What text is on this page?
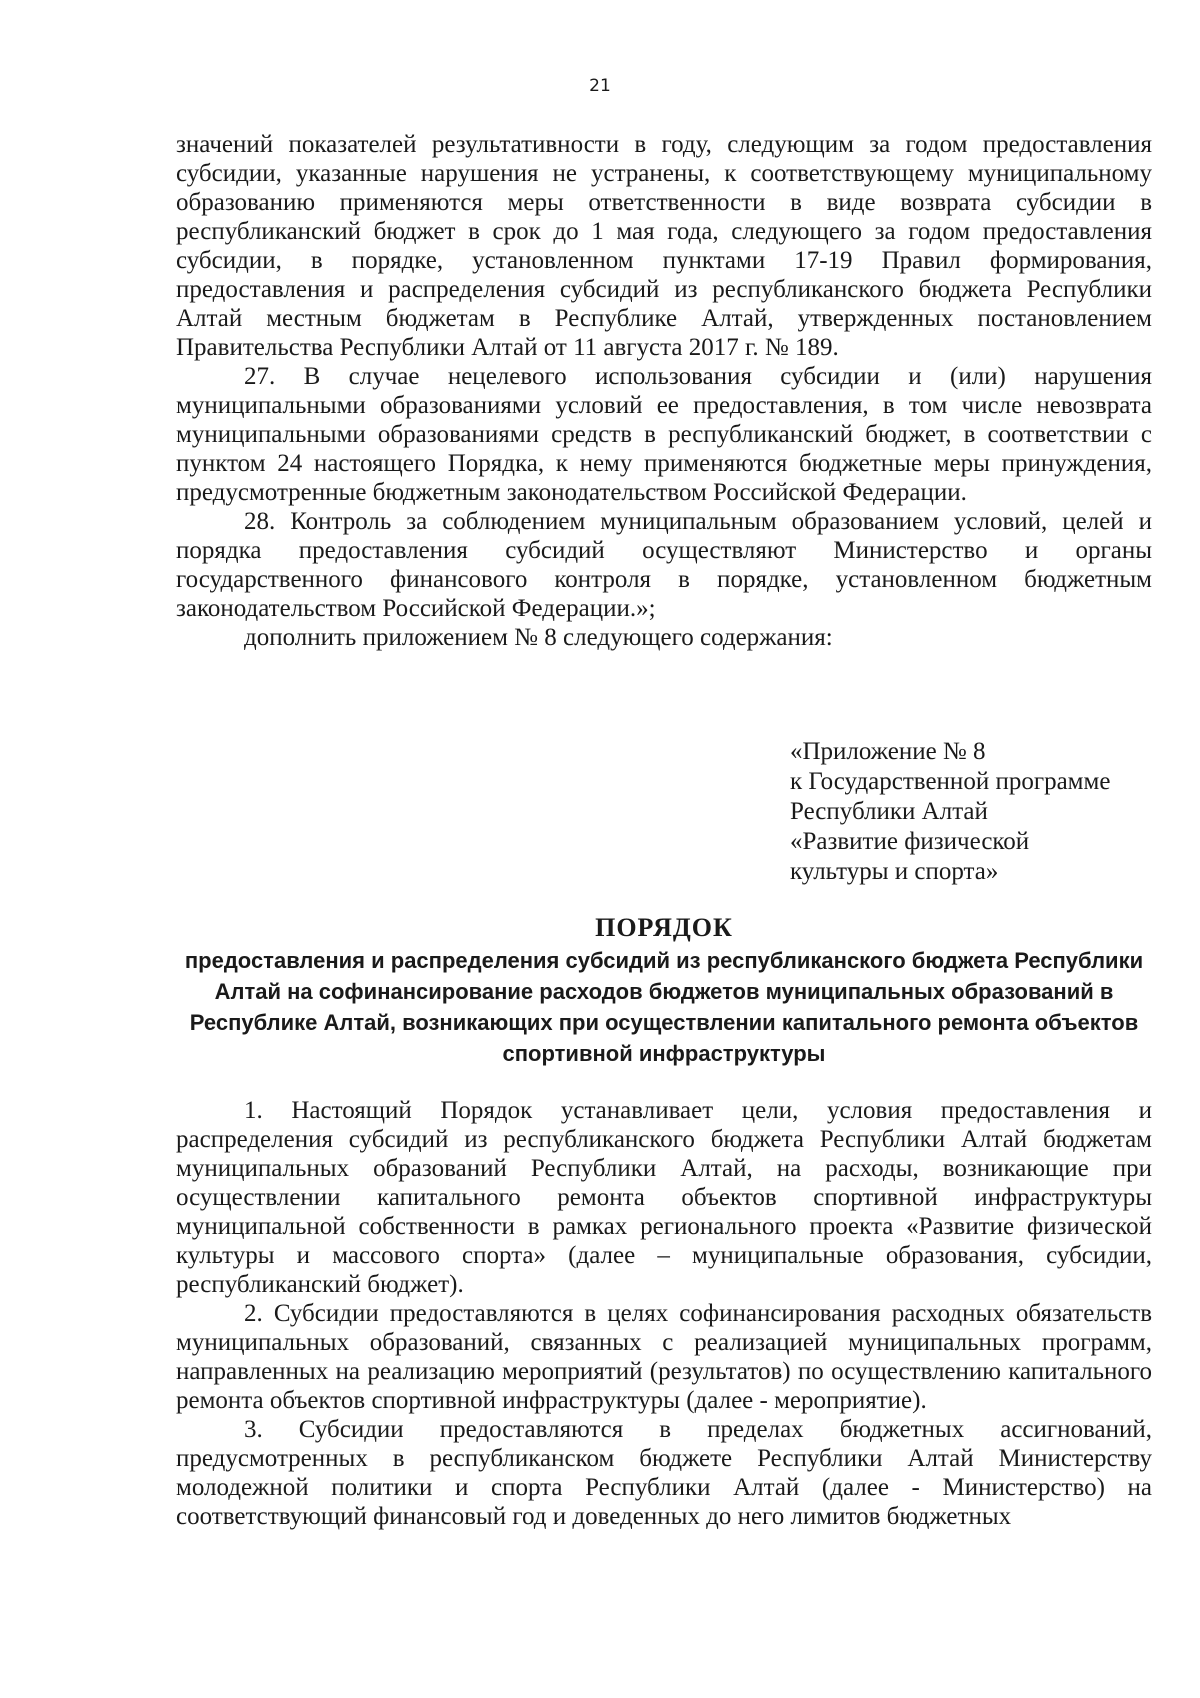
21

значений показателей результативности в году, следующим за годом предоставления субсидии, указанные нарушения не устранены, к соответствующему муниципальному образованию применяются меры ответственности в виде возврата субсидии в республиканский бюджет в срок до 1 мая года, следующего за годом предоставления субсидии, в порядке, установленном пунктами 17-19 Правил формирования, предоставления и распределения субсидий из республиканского бюджета Республики Алтай местным бюджетам в Республике Алтай, утвержденных постановлением Правительства Республики Алтай от 11 августа 2017 г. № 189.

27. В случае нецелевого использования субсидии и (или) нарушения муниципальными образованиями условий ее предоставления, в том числе невозврата муниципальными образованиями средств в республиканский бюджет, в соответствии с пунктом 24 настоящего Порядка, к нему применяются бюджетные меры принуждения, предусмотренные бюджетным законодательством Российской Федерации.

28. Контроль за соблюдением муниципальным образованием условий, целей и порядка предоставления субсидий осуществляют Министерство и органы государственного финансового контроля в порядке, установленном бюджетным законодательством Российской Федерации.»;

дополнить приложением № 8 следующего содержания:

«Приложение № 8
к Государственной программе
Республики Алтай
«Развитие физической
культуры и спорта»
ПОРЯДОК
предоставления и распределения субсидий из республиканского бюджета Республики Алтай на софинансирование расходов бюджетов муниципальных образований в Республике Алтай, возникающих при осуществлении капитального ремонта объектов спортивной инфраструктуры

1. Настоящий Порядок устанавливает цели, условия предоставления и распределения субсидий из республиканского бюджета Республики Алтай бюджетам муниципальных образований Республики Алтай, на расходы, возникающие при осуществлении капитального ремонта объектов спортивной инфраструктуры муниципальной собственности в рамках регионального проекта «Развитие физической культуры и массового спорта» (далее – муниципальные образования, субсидии, республиканский бюджет).

2. Субсидии предоставляются в целях софинансирования расходных обязательств муниципальных образований, связанных с реализацией муниципальных программ, направленных на реализацию мероприятий (результатов) по осуществлению капитального ремонта объектов спортивной инфраструктуры (далее - мероприятие).

3. Субсидии предоставляются в пределах бюджетных ассигнований, предусмотренных в республиканском бюджете Республики Алтай Министерству молодежной политики и спорта Республики Алтай (далее - Министерство) на соответствующий финансовый год и доведенных до него лимитов бюджетных
